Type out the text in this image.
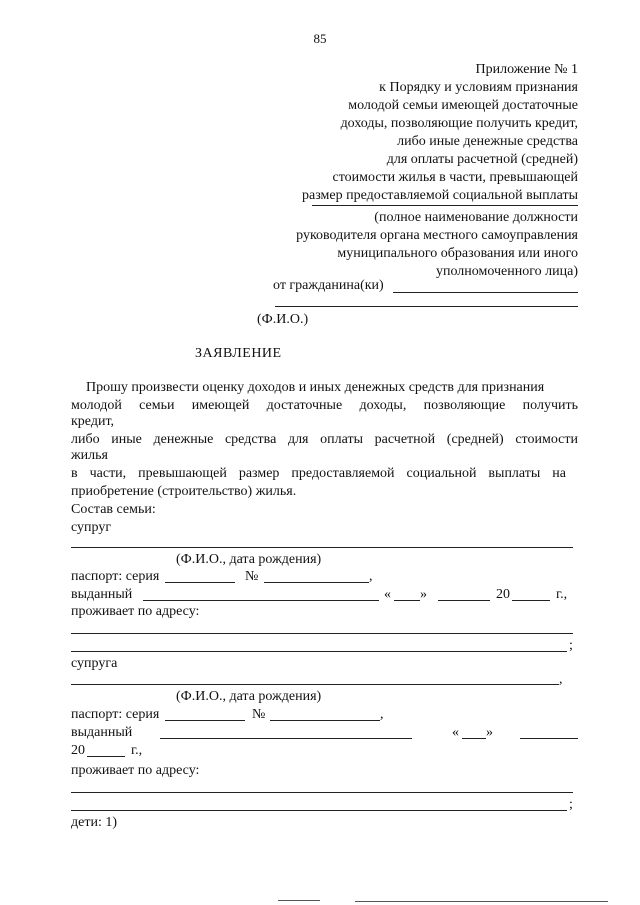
85
Приложение № 1
к Порядку и условиям признания
молодой семьи имеющей достаточные
доходы, позволяющие получить кредит,
либо иные денежные средства
для оплаты расчетной (средней)
стоимости жилья в части, превышающей
размер предоставляемой социальной выплаты
(полное наименование должности
руководителя органа местного самоуправления
муниципального образования или иного
уполномоченного лица)
от гражданина(ки)
(Ф.И.О.)
ЗАЯВЛЕНИЕ
Прошу произвести оценку доходов и иных денежных средств для признания
молодой семьи имеющей достаточные доходы, позволяющие получить
кредит,
либо иные денежные средства для оплаты расчетной (средней) стоимости
жилья
в части, превышающей размер предоставляемой социальной выплаты на
приобретение (строительство) жилья.
Состав семьи:
супруг
(Ф.И.О., дата рождения)
паспорт: серия	№	,
выданный	« »	20	г.,
проживает по адресу:
;
супруга
,
(Ф.И.О., дата рождения)
паспорт: серия	№	,
выданный	« »
20	г.,
проживает по адресу:
;
дети: 1)
